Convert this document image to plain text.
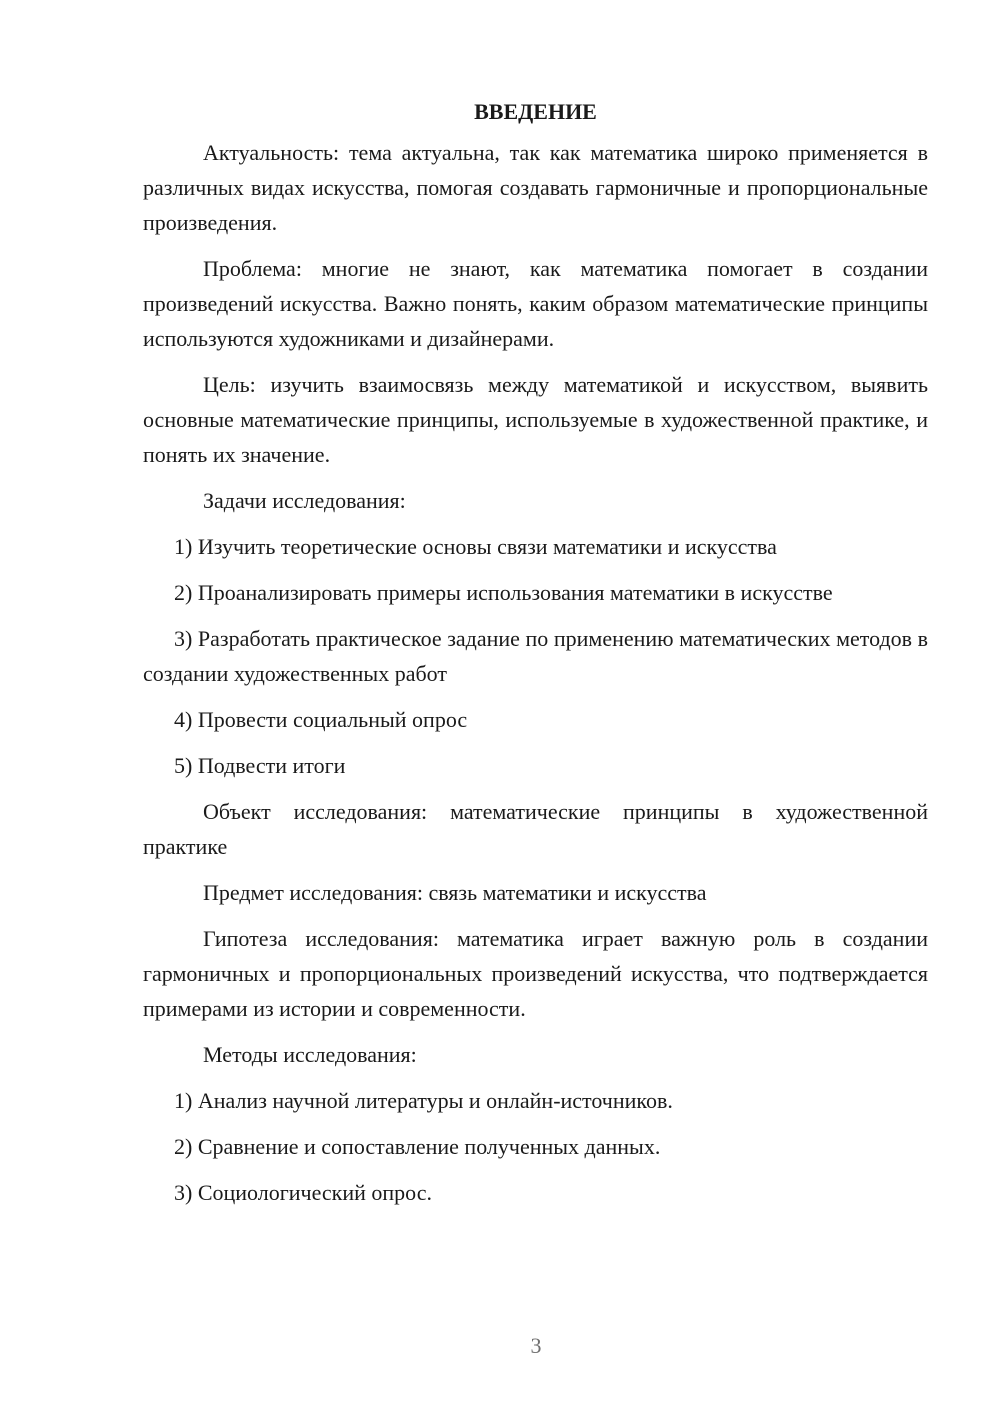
ВВЕДЕНИЕ

Актуальность: тема актуальна, так как математика широко применяется в различных видах искусства, помогая создавать гармоничные и пропорциональные произведения.

Проблема: многие не знают, как математика помогает в создании произведений искусства. Важно понять, каким образом математические принципы используются художниками и дизайнерами.

Цель: изучить взаимосвязь между математикой и искусством, выявить основные математические принципы, используемые в художественной практике, и понять их значение.

Задачи исследования:

1) Изучить теоретические основы связи математики и искусства

2) Проанализировать примеры использования математики в искусстве

3) Разработать практическое задание по применению математических методов в создании художественных работ

4) Провести социальный опрос

5) Подвести итоги

Объект исследования: математические принципы в художественной практике

Предмет исследования: связь математики и искусства

Гипотеза исследования: математика играет важную роль в создании гармоничных и пропорциональных произведений искусства, что подтверждается примерами из истории и современности.

Методы исследования:

1) Анализ научной литературы и онлайн-источников.

2) Сравнение и сопоставление полученных данных.

3) Социологический опрос.

3
